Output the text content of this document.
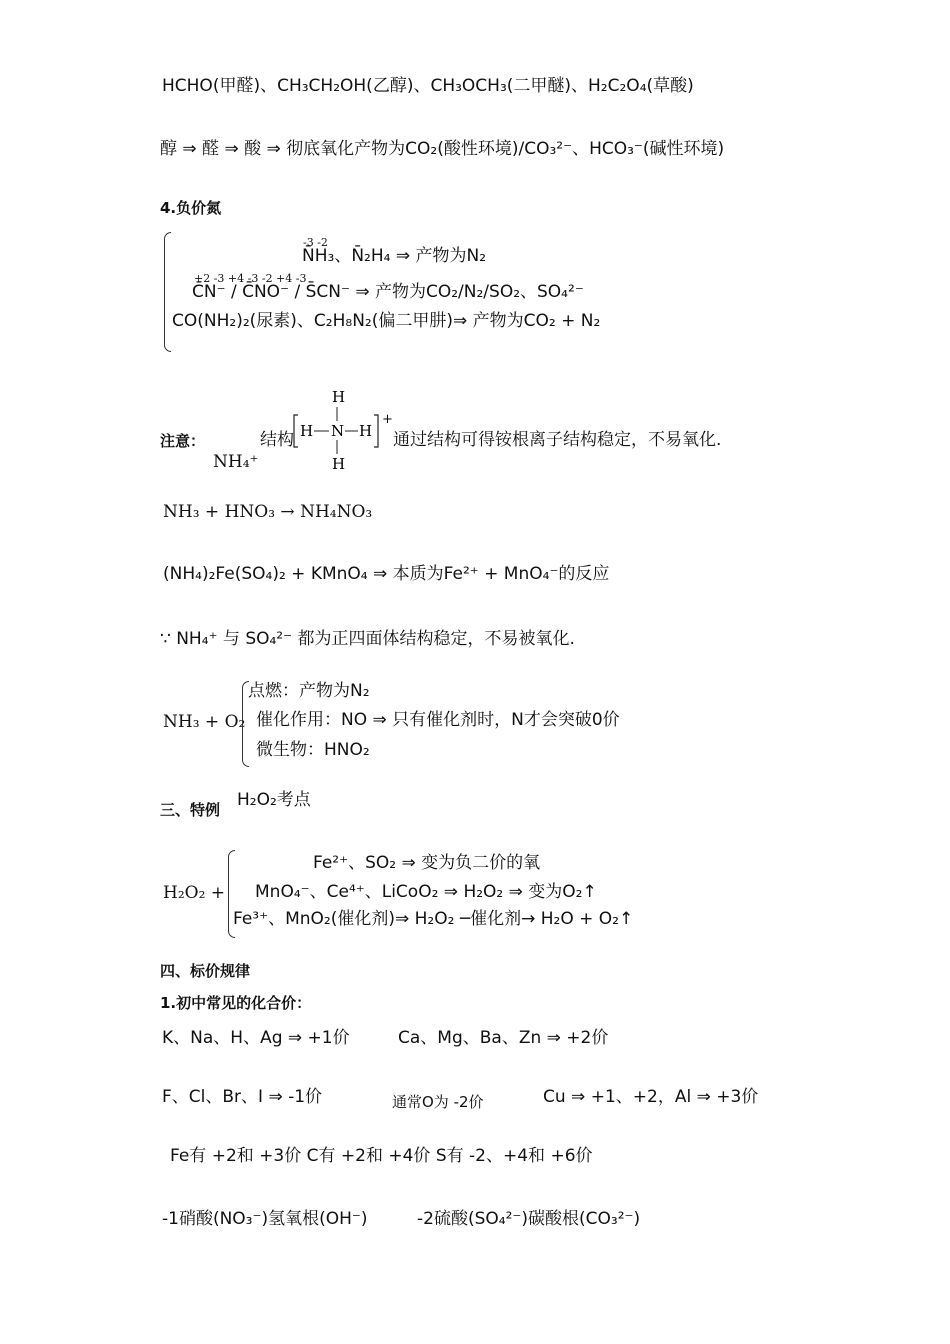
HCHO(甲醛)、CH₃CH₂OH(乙醇)、CH₃OCH₃(二甲醚)、H₂C₂O₄(草酸)
醇 ⇒ 醛 ⇒ 酸 ⇒ 彻底氧化产物为CO₂(酸性环境)/CO₃²⁻、HCO₃⁻(碱性环境)
4.负价氮
-3 -2
N̄H₃、N̄₂H₄ ⇒ 产物为N₂
+2 -3 +4 -3 -2 +4 -3
C̄N⁻ / C̄NO⁻ / S̄CN⁻ ⇒ 产物为CO₂/N₂/SO₂、SO₄²⁻
CO(NH₂)₂(尿素)、C₂H₈N₂(偏二甲肼)⇒ 产物为CO₂ + N₂
注意：
NH₄⁺
结构
H
H N H
H
+
通过结构可得铵根离子结构稳定，不易氧化.
NH₃ + HNO₃ → NH₄NO₃
(NH₄)₂Fe(SO₄)₂ + KMnO₄ ⇒ 本质为Fe²⁺ + MnO₄⁻的反应
∵ NH₄⁺ 与 SO₄²⁻ 都为正四面体结构稳定，不易被氧化.
NH₃ + O₂
点燃：产物为N₂
催化作用：NO ⇒ 只有催化剂时，N才会突破0价
微生物：HNO₂
三、特例 H₂O₂考点
H₂O₂ +
Fe²⁺、SO₂ ⇒ 变为负二价的氧
MnO₄⁻、Ce⁴⁺、LiCoO₂ ⇒ H₂O₂ ⇒ 变为O₂↑
Fe³⁺、MnO₂(催化剂)⇒ H₂O₂ ─催化剂→ H₂O + O₂↑
四、标价规律
1.初中常见的化合价：
K、Na、H、Ag ⇒ +1价	Ca、Mg、Ba、Zn ⇒ +2价
F、Cl、Br、I ⇒ -1价	通常O为 -2价	Cu ⇒ +1、+2，Al ⇒ +3价
Fe有 +2和 +3价 C有 +2和 +4价 S有 -2、+4和 +6价
-1硝酸(NO₃⁻)氢氧根(OH⁻)	-2硫酸(SO₄²⁻)碳酸根(CO₃²⁻)
